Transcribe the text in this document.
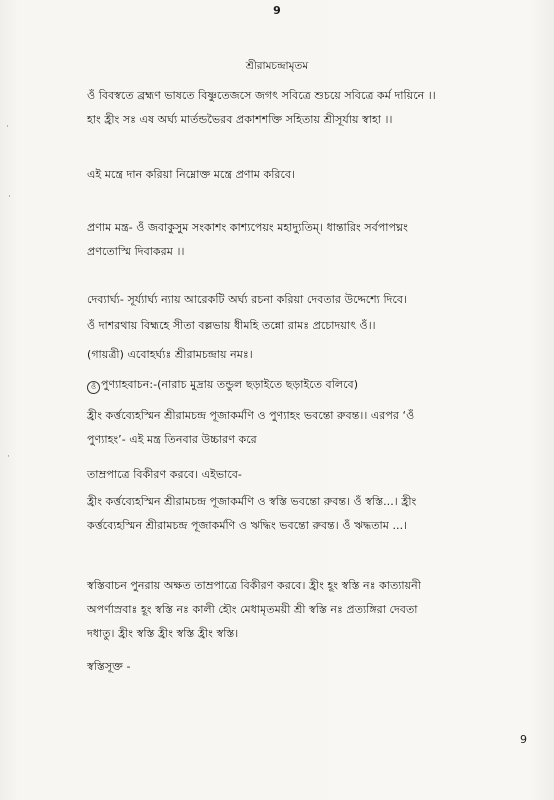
9
শ্রীরামচন্দ্রামৃতম
ওঁ বিবস্বতে ব্রহ্মণ ভাষতে বিষ্ণুতেজসে জগৎ সবিত্রে শুচয়ে সবিত্রে কর্ম দায়িনে ।।
হাং হ্রীং সঃ এষ অর্ঘ্য মার্তন্ডভৈরব প্রকাশশক্তি সহিতায় শ্রীসূর্যায় স্বাহা ।।
এই মন্ত্রে দান করিয়া নিম্নোক্ত মন্ত্রে প্রণাম করিবে।
প্রণাম মন্ত্র- ওঁ জবাকুসুম সংকাশং কাশ্যপেয়ং মহাদ্যুতিম্। ধান্তারিং সর্বপাপঘ্নং
প্রণতোস্মি দিবাকরম ।।
দেব্যার্ঘ্য- সূর্য্যার্ঘ্য ন্যায় আরেকটি অর্ঘ্য রচনা করিয়া দেবতার উদ্দেশ্যে দিবে।
ওঁ দাশরথায় বিহ্মহে সীতা বল্লভায় ধীমহি তন্নো রামঃ প্রচোদয়াৎ ওঁ।।
(গায়ত্রী) এবোহর্ঘ্যঃ শ্রীরামচন্দ্রায় নমঃ।
ওঁ পুণ্যাহবাচন:-(নারাচ মুদ্রায় তন্ডুল ছড়াইতে ছড়াইতে বলিবে)
হ্রীং কর্ত্তব্যেহস্মিন শ্রীরামচন্দ্র পূজাকর্মণি ও পুণ্যাহং ভবন্তো রুবন্ত।। এরপর ‘ওঁ
পুণ্যাহং’- এই মন্ত্র তিনবার উচ্চারণ করে
তাম্রপাত্রে বিকীরণ করবে। এইভাবে-
হ্রীং কর্ত্তব্যেহস্মিন শ্রীরামচন্দ্র পূজাকর্মণি ও স্বস্তি ভবন্তো রুবন্ত। ওঁ স্বস্তি...। হ্রীং
কর্ত্তব্যেহস্মিন শ্রীরামচন্দ্র পূজাকর্মণি ও ঋদ্ধিং ভবন্তো রুবন্ত। ওঁ ঋদ্ধতাম ...।
স্বস্তিবাচন পুনরায় অক্ষত তাম্রপাত্রে বিকীরণ করবে। হ্রীং হূং স্বস্তি নঃ কাত্যায়নী
অপর্ণাস্রবাঃ হূং স্বস্তি নঃ কালী হৌং মেধামৃতময়ী শ্রী স্বস্তি নঃ প্রত্যঙ্গিরা দেবতা
দধাতু। হ্রীং স্বস্তি হ্রীং স্বস্তি হ্রীং স্বস্তি।
স্বস্তিসূক্ত -
9
·
·
·
